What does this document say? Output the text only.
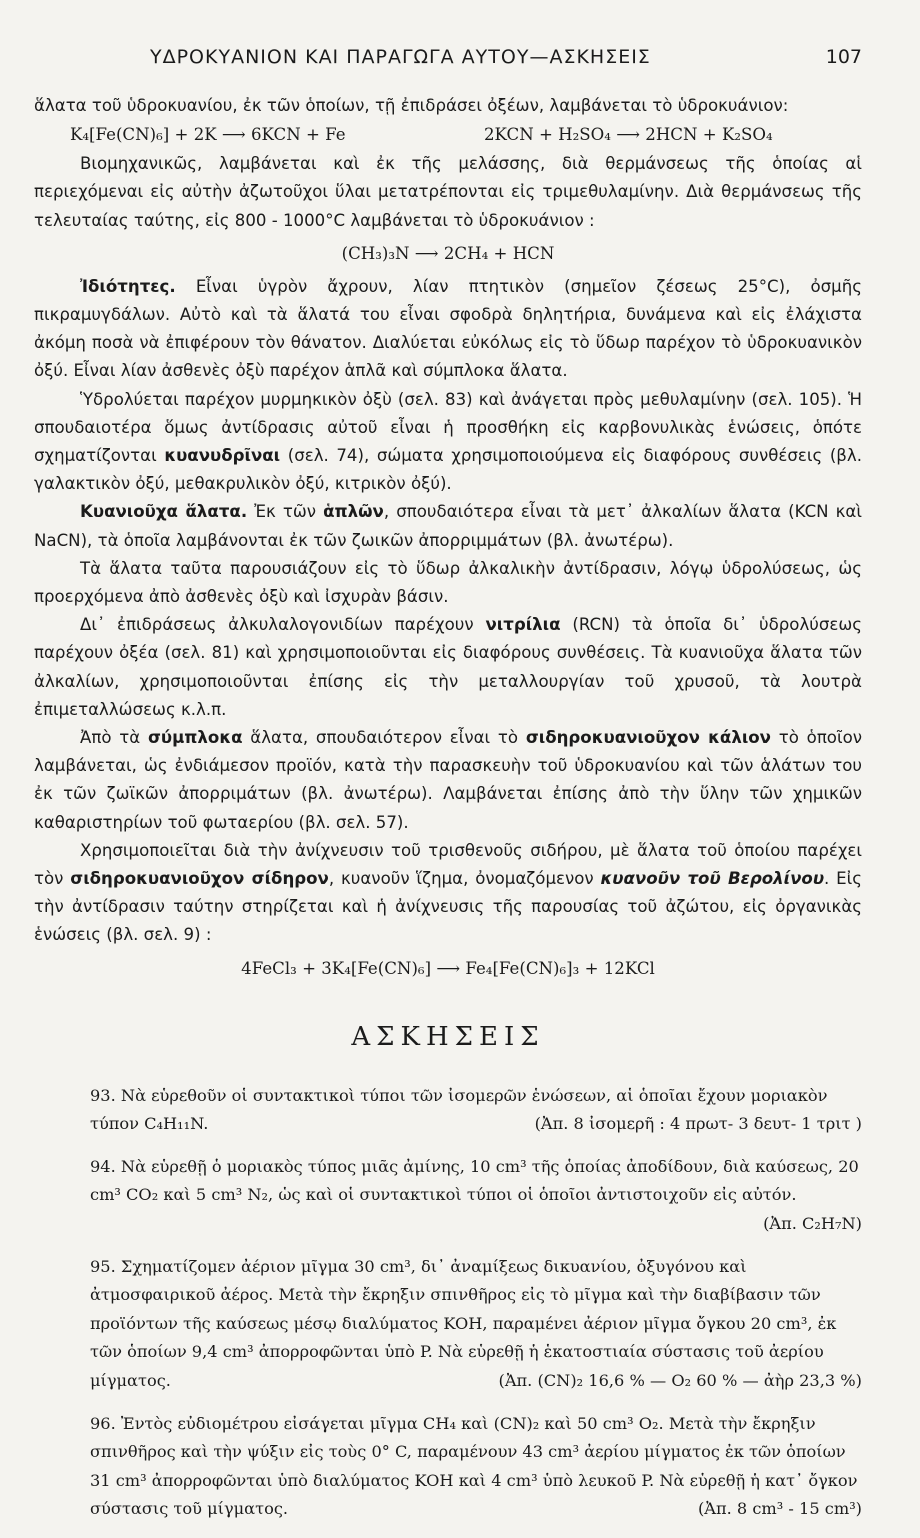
ΥΔΡΟΚΥΑΝΙΟΝ ΚΑΙ ΠΑΡΑΓΩΓΑ ΑΥΤΟΥ—ΑΣΚΗΣΕΙΣ	107

ἅλατα τοῦ ὑδροκυανίου, ἐκ τῶν ὁποίων, τῇ ἐπιδράσει ὀξέων, λαμβάνεται τὸ ὑδροκυάνιον:

K₄[Fe(CN)₆] + 2K ⟶ 6KCN + Fe	2KCN + H₂SO₄ ⟶ 2HCN + K₂SO₄

Βιομηχανικῶς, λαμβάνεται καὶ ἐκ τῆς μελάσσης, διὰ θερμάνσεως τῆς ὁποίας αἱ περιεχόμεναι εἰς αὐτὴν ἀζωτοῦχοι ὕλαι μετατρέπονται εἰς τριμεθυλαμίνην. Διὰ θερμάνσεως τῆς τελευταίας ταύτης, εἰς 800 - 1000°C λαμβάνεται τὸ ὑδροκυάνιον :

(CH₃)₃N ⟶ 2CH₄ + HCN

Ἰδιότητες. Εἶναι ὑγρὸν ἄχρουν, λίαν πτητικὸν (σημεῖον ζέσεως 25°C), ὀσμῆς πικραμυγδάλων. Αὐτὸ καὶ τὰ ἅλατά του εἶναι σφοδρὰ δηλητήρια, δυνάμενα καὶ εἰς ἐλάχιστα ἀκόμη ποσὰ νὰ ἐπιφέρουν τὸν θάνατον. Διαλύεται εὐκόλως εἰς τὸ ὕδωρ παρέχον τὸ ὑδροκυανικὸν ὀξύ. Εἶναι λίαν ἀσθενὲς ὀξὺ παρέχον ἁπλᾶ καὶ σύμπλοκα ἅλατα.

Ὑδρολύεται παρέχον μυρμηκικὸν ὀξὺ (σελ. 83) καὶ ἀνάγεται πρὸς μεθυλαμίνην (σελ. 105). Ἡ σπουδαιοτέρα ὅμως ἀντίδρασις αὐτοῦ εἶναι ἡ προσθήκη εἰς καρβονυλικὰς ἑνώσεις, ὁπότε σχηματίζονται κυανυδρῖναι (σελ. 74), σώματα χρησιμοποιούμενα εἰς διαφόρους συνθέσεις (βλ. γαλακτικὸν ὀξύ, μεθακρυλικὸν ὀξύ, κιτρικὸν ὀξύ).

Κυανιοῦχα ἅλατα. Ἐκ τῶν ἁπλῶν, σπουδαιότερα εἶναι τὰ μετ᾽ ἀλκαλίων ἅλατα (KCN καὶ NaCN), τὰ ὁποῖα λαμβάνονται ἐκ τῶν ζωικῶν ἀπορριμμάτων (βλ. ἀνωτέρω).

Τὰ ἅλατα ταῦτα παρουσιάζουν εἰς τὸ ὕδωρ ἀλκαλικὴν ἀντίδρασιν, λόγῳ ὑδρολύσεως, ὡς προερχόμενα ἀπὸ ἀσθενὲς ὀξὺ καὶ ἰσχυρὰν βάσιν.

Δι᾽ ἐπιδράσεως ἀλκυλαλογονιδίων παρέχουν νιτρίλια (RCN) τὰ ὁποῖα δι᾽ ὑδρολύσεως παρέχουν ὀξέα (σελ. 81) καὶ χρησιμοποιοῦνται εἰς διαφόρους συνθέσεις. Τὰ κυανιοῦχα ἅλατα τῶν ἀλκαλίων, χρησιμοποιοῦνται ἐπίσης εἰς τὴν μεταλλουργίαν τοῦ χρυσοῦ, τὰ λουτρὰ ἐπιμεταλλώσεως κ.λ.π.

Ἀπὸ τὰ σύμπλοκα ἅλατα, σπουδαιότερον εἶναι τὸ σιδηροκυανιοῦχον κάλιον τὸ ὁποῖον λαμβάνεται, ὡς ἐνδιάμεσον προϊόν, κατὰ τὴν παρασκευὴν τοῦ ὑδροκυανίου καὶ τῶν ἁλάτων του ἐκ τῶν ζωϊκῶν ἀπορριμάτων (βλ. ἀνωτέρω). Λαμβάνεται ἐπίσης ἀπὸ τὴν ὕλην τῶν χημικῶν καθαριστηρίων τοῦ φωταερίου (βλ. σελ. 57).

Χρησιμοποιεῖται διὰ τὴν ἀνίχνευσιν τοῦ τρισθενοῦς σιδήρου, μὲ ἅλατα τοῦ ὁποίου παρέχει τὸν σιδηροκυανιοῦχον σίδηρον, κυανοῦν ἵζημα, ὀνομαζόμενον κυανοῦν τοῦ Βερολίνου. Εἰς τὴν ἀντίδρασιν ταύτην στηρίζεται καὶ ἡ ἀνίχνευσις τῆς παρουσίας τοῦ ἀζώτου, εἰς ὀργανικὰς ἑνώσεις (βλ. σελ. 9) :

4FeCl₃ + 3K₄[Fe(CN)₆] ⟶ Fe₄[Fe(CN)₆]₃ + 12KCl
ΑΣΚΗΣΕΙΣ
93. Νὰ εὑρεθοῦν οἱ συντακτικοὶ τύποι τῶν ἰσομερῶν ἑνώσεων, αἱ ὁποῖαι ἔχουν μοριακὸν τύπον C₄H₁₁N.	(Ἀπ. 8 ἰσομερῆ : 4 πρωτ- 3 δευτ- 1 τριτ )
94. Νὰ εὑρεθῇ ὁ μοριακὸς τύπος μιᾶς ἀμίνης, 10 cm³ τῆς ὁποίας ἀποδίδουν, διὰ καύσεως, 20 cm³ CO₂ καὶ 5 cm³ N₂, ὡς καὶ οἱ συντακτικοὶ τύποι οἱ ὁποῖοι ἀντιστοιχοῦν εἰς αὐτόν.
(Ἀπ. C₂H₇N)
95. Σχηματίζομεν ἀέριον μῖγμα 30 cm³, δι᾽ ἀναμίξεως δικυανίου, ὀξυγόνου καὶ ἀτμοσφαιρικοῦ ἀέρος. Μετὰ τὴν ἔκρηξιν σπινθῆρος εἰς τὸ μῖγμα καὶ τὴν διαβίβασιν τῶν προϊόντων τῆς καύσεως μέσῳ διαλύματος KOH, παραμένει ἀέριον μῖγμα ὄγκου 20 cm³, ἐκ τῶν ὁποίων 9,4 cm³ ἀπορροφῶνται ὑπὸ P. Νὰ εὑρεθῇ ἡ ἑκατοστιαία σύστασις τοῦ ἀερίου μίγματος.	(Ἀπ. (CN)₂ 16,6 % — O₂ 60 % — ἀὴρ 23,3 %)
96. Ἐντὸς εὐδιομέτρου εἰσάγεται μῖγμα CH₄ καὶ (CN)₂ καὶ 50 cm³ O₂. Μετὰ τὴν ἔκρηξιν σπινθῆρος καὶ τὴν ψύξιν εἰς τοὺς 0° C, παραμένουν 43 cm³ ἀερίου μίγματος ἐκ τῶν ὁποίων 31 cm³ ἀπορροφῶνται ὑπὸ διαλύματος KOH καὶ 4 cm³ ὑπὸ λευκοῦ P. Νὰ εὑρεθῇ ἡ κατ᾽ ὄγκον σύστασις τοῦ μίγματος.	(Ἀπ. 8 cm³ - 15 cm³)
